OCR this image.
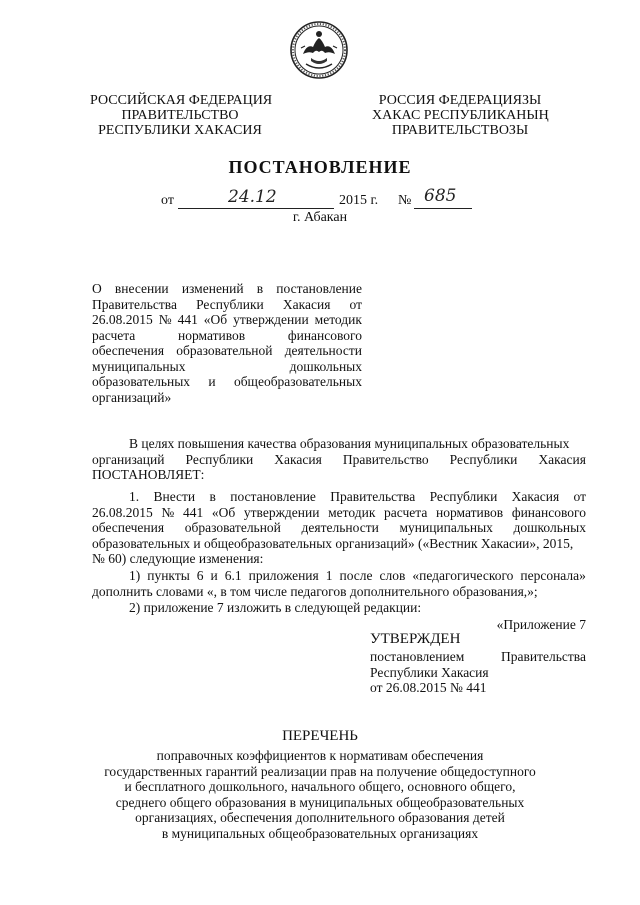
РОССИЙСКАЯ ФЕДЕРАЦИЯ
ПРАВИТЕЛЬСТВО
РЕСПУБЛИКИ ХАКАСИЯ
РОССИЯ ФЕДЕРАЦИЯЗЫ
ХАКАС РЕСПУБЛИКАНЫҢ
ПРАВИТЕЛЬСТВОЗЫ
ПОСТАНОВЛЕНИЕ
от	24.12	2015 г. № 685
г. Абакан
О внесении изменений в постановление
Правительства Республики Хакасия от
26.08.2015 № 441 «Об утверждении методик
расчета	нормативов	финансового
обеспечения образовательной деятельности
муниципальных	дошкольных
образовательных и общеобразовательных
организаций»
В целях повышения качества образования муниципальных образовательных
организаций Республики Хакасия Правительство Республики Хакасия
ПОСТАНОВЛЯЕТ:
1. Внести в постановление Правительства Республики Хакасия от
26.08.2015 № 441 «Об утверждении методик расчета нормативов финансового
обеспечения образовательной деятельности муниципальных дошкольных
образовательных и общеобразовательных организаций» («Вестник Хакасии», 2015,
№ 60) следующие изменения:
1) пункты 6 и 6.1 приложения 1 после слов «педагогического персонала»
дополнить словами «, в том числе педагогов дополнительного образования,»;
2) приложение 7 изложить в следующей редакции:
«Приложение 7
УТВЕРЖДЕН
постановлением	Правительства
Республики Хакасия
от 26.08.2015 № 441
ПЕРЕЧЕНЬ
поправочных коэффициентов к нормативам обеспечения
государственных гарантий реализации прав на получение общедоступного
и бесплатного дошкольного, начального общего, основного общего,
среднего общего образования в муниципальных общеобразовательных
организациях, обеспечения дополнительного образования детей
в муниципальных общеобразовательных организациях
